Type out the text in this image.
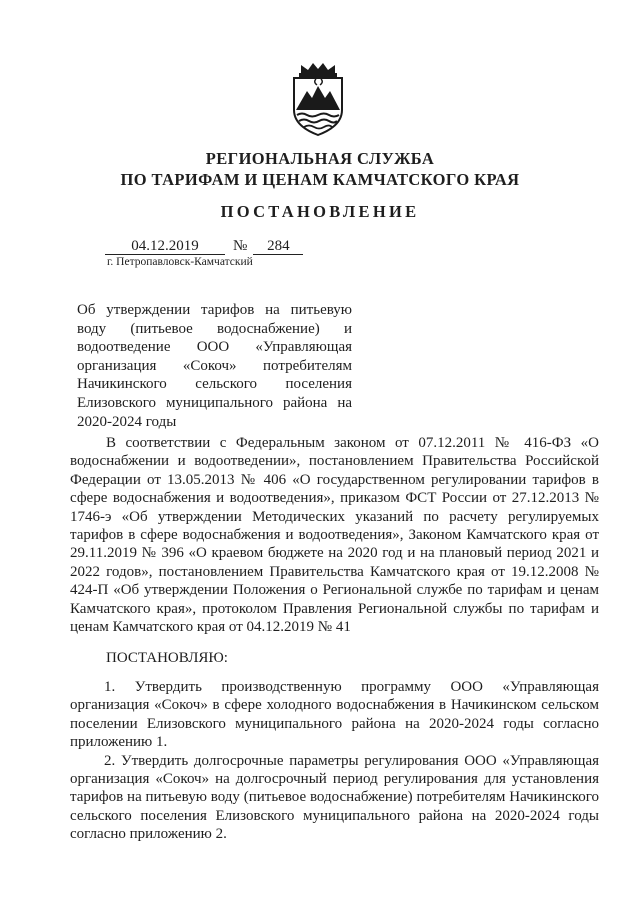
РЕГИОНАЛЬНАЯ СЛУЖБА
ПО ТАРИФАМ И ЦЕНАМ КАМЧАТСКОГО КРАЯ
ПОСТАНОВЛЕНИЕ
04.12.2019 № 284
г. Петропавловск-Камчатский
Об утверждении тарифов на питьевую воду (питьевое водоснабжение) и водоотведение ООО «Управляющая организация «Сокоч» потребителям Начикинского сельского поселения Елизовского муниципального района на 2020-2024 годы

В соответствии с Федеральным законом от 07.12.2011 № 416-ФЗ «О водоснабжении и водоотведении», постановлением Правительства Российской Федерации от 13.05.2013 № 406 «О государственном регулировании тарифов в сфере водоснабжения и водоотведения», приказом ФСТ России от 27.12.2013 № 1746-э «Об утверждении Методических указаний по расчету регулируемых тарифов в сфере водоснабжения и водоотведения», Законом Камчатского края от 29.11.2019 № 396 «О краевом бюджете на 2020 год и на плановый период 2021 и 2022 годов», постановлением Правительства Камчатского края от 19.12.2008 № 424-П «Об утверждении Положения о Региональной службе по тарифам и ценам Камчатского края», протоколом Правления Региональной службы по тарифам и ценам Камчатского края от 04.12.2019 № 41

ПОСТАНОВЛЯЮ:

1. Утвердить производственную программу ООО «Управляющая организация «Сокоч» в сфере холодного водоснабжения в Начикинском сельском поселении Елизовского муниципального района на 2020-2024 годы согласно приложению 1.

2. Утвердить долгосрочные параметры регулирования ООО «Управляющая организация «Сокоч» на долгосрочный период регулирования для установления тарифов на питьевую воду (питьевое водоснабжение) потребителям Начикинского сельского поселения Елизовского муниципального района на 2020-2024 годы согласно приложению 2.
